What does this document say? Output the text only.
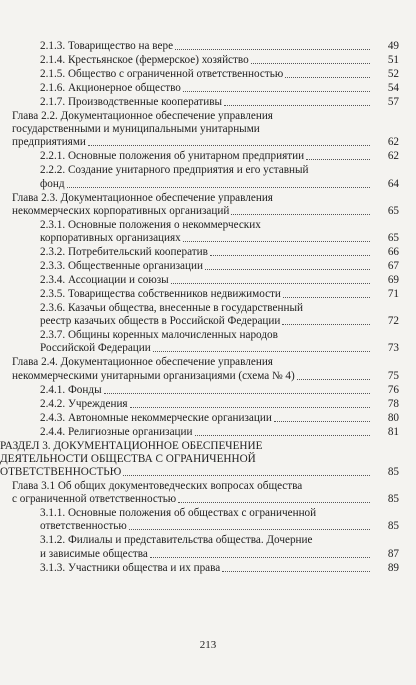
2.1.3. Товарищество на вере	49
2.1.4. Крестьянское (фермерское) хозяйство	51
2.1.5. Общество с ограниченной ответственностью	52
2.1.6. Акционерное общество	54
2.1.7. Производственные кооперативы	57
Глава 2.2. Документационное обеспечение управления
государственными и муниципальными унитарными
предприятиями	62
2.2.1. Основные положения об унитарном предприятии	62
2.2.2. Создание унитарного предприятия и его уставный
фонд	64
Глава 2.3. Документационное обеспечение управления
некоммерческих корпоративных организаций	65
2.3.1. Основные положения о некоммерческих
корпоративных организациях	65
2.3.2. Потребительский кооператив	66
2.3.3. Общественные организации	67
2.3.4. Ассоциации и союзы	69
2.3.5. Товарищества собственников недвижимости	71
2.3.6. Казачьи общества, внесенные в государственный
реестр казачьих обществ в Российской Федерации	72
2.3.7. Общины коренных малочисленных народов
Российской Федерации	73
Глава 2.4. Документационное обеспечение управления
некоммерческими унитарными организациями (схема № 4)	75
2.4.1. Фонды	76
2.4.2. Учреждения	78
2.4.3. Автономные некоммерческие организации	80
2.4.4. Религиозные организации	81
РАЗДЕЛ 3. ДОКУМЕНТАЦИОННОЕ ОБЕСПЕЧЕНИЕ
ДЕЯТЕЛЬНОСТИ ОБЩЕСТВА С ОГРАНИЧЕННОЙ
ОТВЕТСТВЕННОСТЬЮ	85
Глава 3.1 Об общих документоведческих вопросах общества
с ограниченной ответственностью	85
3.1.1. Основные положения об обществах с ограниченной
ответственностью	85
3.1.2. Филиалы и представительства общества. Дочерние
и зависимые общества	87
3.1.3. Участники общества и их права	89
213
